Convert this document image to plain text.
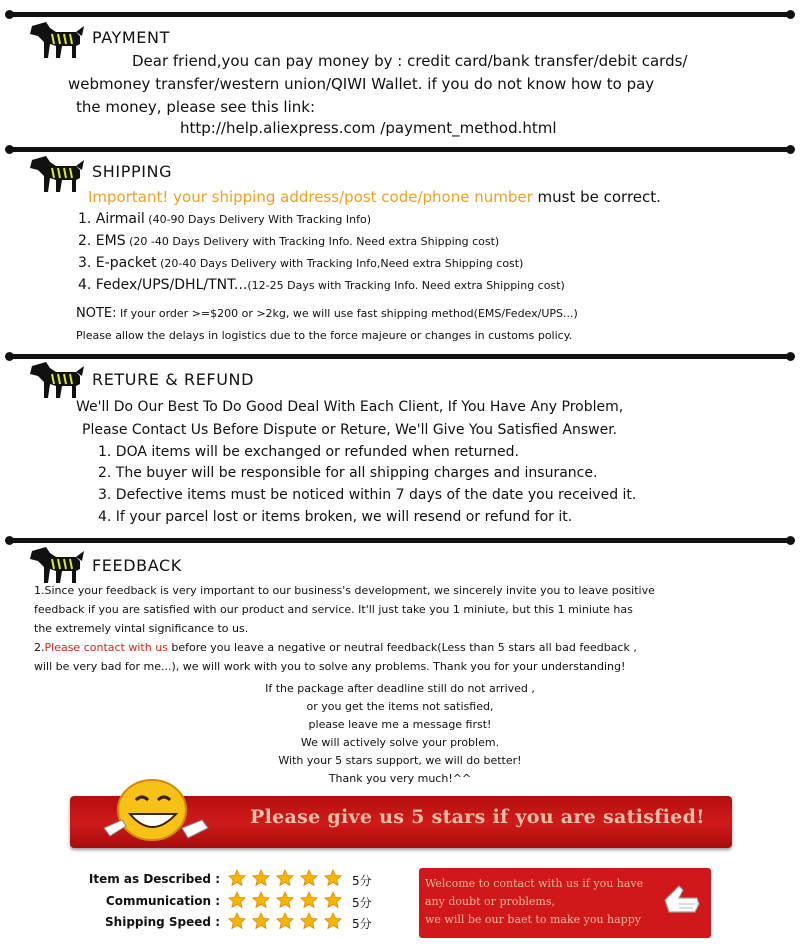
PAYMENT
Dear friend,you can pay money by : credit card/bank transfer/debit cards/
webmoney transfer/western union/QIWI Wallet. if you do not know how to pay
the money, please see this link:
http://help.aliexpress.com /payment_method.html
SHIPPING
Important! your shipping address/post code/phone number must be correct.
1. Airmail (40-90 Days Delivery With Tracking Info)
2. EMS (20 -40 Days Delivery with Tracking Info. Need extra Shipping cost)
3. E-packet (20-40 Days Delivery with Tracking Info,Need extra Shipping cost)
4. Fedex/UPS/DHL/TNT...(12-25 Days with Tracking Info. Need extra Shipping cost)
NOTE: If your order >=$200 or >2kg, we will use fast shipping method(EMS/Fedex/UPS...)
Please allow the delays in logistics due to the force majeure or changes in customs policy.
RETURE & REFUND
We'll Do Our Best To Do Good Deal With Each Client, If You Have Any Problem,
Please Contact Us Before Dispute or Reture, We'll Give You Satisfied Answer.
1. DOA items will be exchanged or refunded when returned.
2. The buyer will be responsible for all shipping charges and insurance.
3. Defective items must be noticed within 7 days of the date you received it.
4. If your parcel lost or items broken, we will resend or refund for it.
FEEDBACK
1.Since your feedback is very important to our business's development, we sincerely invite you to leave positive
feedback if you are satisfied with our product and service. It'll just take you 1 miniute, but this 1 miniute has
the extremely vintal significance to us.
2.Please contact with us before you leave a negative or neutral feedback(Less than 5 stars all bad feedback ,
will be very bad for me...), we will work with you to solve any problems. Thank you for your understanding!
If the package after deadline still do not arrived ,
or you get the items not satisfied,
please leave me a message first!
We will actively solve your problem.
With your 5 stars support, we will do better!
Thank you very much!^^
Please give us 5 stars if you are satisfied!
Item as Described :	5分
Communication :	5分
Shipping Speed :	5分
Welcome to contact with us if you have
any doubt or problems,
we will be our baet to make you happy
